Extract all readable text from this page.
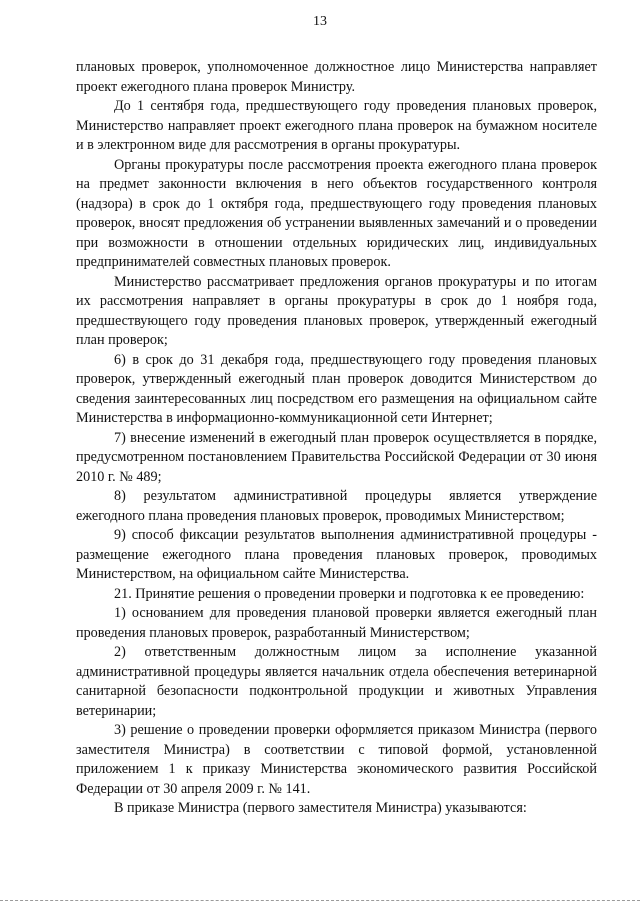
13

плановых проверок, уполномоченное должностное лицо Министерства направляет проект ежегодного плана проверок Министру.

До 1 сентября года, предшествующего году проведения плановых проверок, Министерство направляет проект ежегодного плана проверок на бумажном носителе и в электронном виде для рассмотрения в органы прокуратуры.

Органы прокуратуры после рассмотрения проекта ежегодного плана проверок на предмет законности включения в него объектов государственного контроля (надзора) в срок до 1 октября года, предшествующего году проведения плановых проверок, вносят предложения об устранении выявленных замечаний и о проведении при возможности в отношении отдельных юридических лиц, индивидуальных предпринимателей совместных плановых проверок.

Министерство рассматривает предложения органов прокуратуры и по итогам их рассмотрения направляет в органы прокуратуры в срок до 1 ноября года, предшествующего году проведения плановых проверок, утвержденный ежегодный план проверок;

6) в срок до 31 декабря года, предшествующего году проведения плановых проверок, утвержденный ежегодный план проверок доводится Министерством до сведения заинтересованных лиц посредством его размещения на официальном сайте Министерства в информационно-коммуникационной сети Интернет;

7) внесение изменений в ежегодный план проверок осуществляется в порядке, предусмотренном постановлением Правительства Российской Федерации от 30 июня 2010 г. № 489;

8) результатом административной процедуры является утверждение ежегодного плана проведения плановых проверок, проводимых Министерством;

9) способ фиксации результатов выполнения административной процедуры - размещение ежегодного плана проведения плановых проверок, проводимых Министерством, на официальном сайте Министерства.

21. Принятие решения о проведении проверки и подготовка к ее проведению:

1) основанием для проведения плановой проверки является ежегодный план проведения плановых проверок, разработанный Министерством;

2) ответственным должностным лицом за исполнение указанной административной процедуры является начальник отдела обеспечения ветеринарной санитарной безопасности подконтрольной продукции и животных Управления ветеринарии;

3) решение о проведении проверки оформляется приказом Министра (первого заместителя Министра) в соответствии с типовой формой, установленной приложением 1 к приказу Министерства экономического развития Российской Федерации от 30 апреля 2009 г. № 141.

В приказе Министра (первого заместителя Министра) указываются:
